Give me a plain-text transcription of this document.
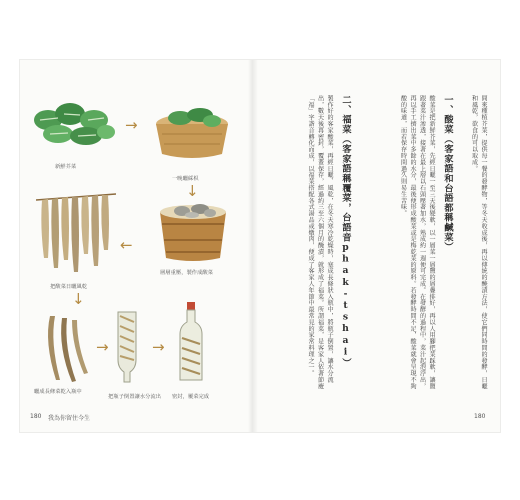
新鮮芥菜
→
一晚曬綵枳
↓
層層重壓，製作成酸菜
←
把酸菜日曬風乾
↓
曬成長條菜乾入瓶中
→
把瓶子倒置讓水分流出
→
密封，覆菜完成
180 我為你留住今生	180

間來種植芥菜，提供每一餐的發酵物，等冬天收成後，再以傳統的醃漬方法，使它們同時間的發酵，日曬和風乾，欲食的可以取成。

一、酸菜（客家語和台語都稱鹹菜）

酸菜是把新鮮芥菜，先經日曬一至三天後變軟，以一層菜一層鹽的層疊排好，再以人用腳把菜踩軟，讓鹽跟著菜汁渗透，接著在最上層以石頭壓著加水，熟成約一週便可完成。在發酵的過程中，菜汁起泡浮出，再以手工擠出菜中多餘的水分，最後便形成酸菜或是梅乾菜的原料。若發酵時間不足，酸菜就會呈現不夠酸的味道，而若保存時間過久則易生苦味。

二、福菜（客家語稱覆菜，台語音phak-tshai）

製作好的客家酸菜，再經日曬、風乾，在冬天寒冷乾燥時，塞成長條狀入瓶中，將瓶子倒置，讓水分流出，數天後再密封，覆蓋保存，經過約三至六個月的醃漬，就形成了福菜。所謂福菜，是客家人依著節慶「福」字諧音轉化而成，以福菜搭配各式湯品或燉肉，便成了客家人年節中最常見的家常料理之一。
